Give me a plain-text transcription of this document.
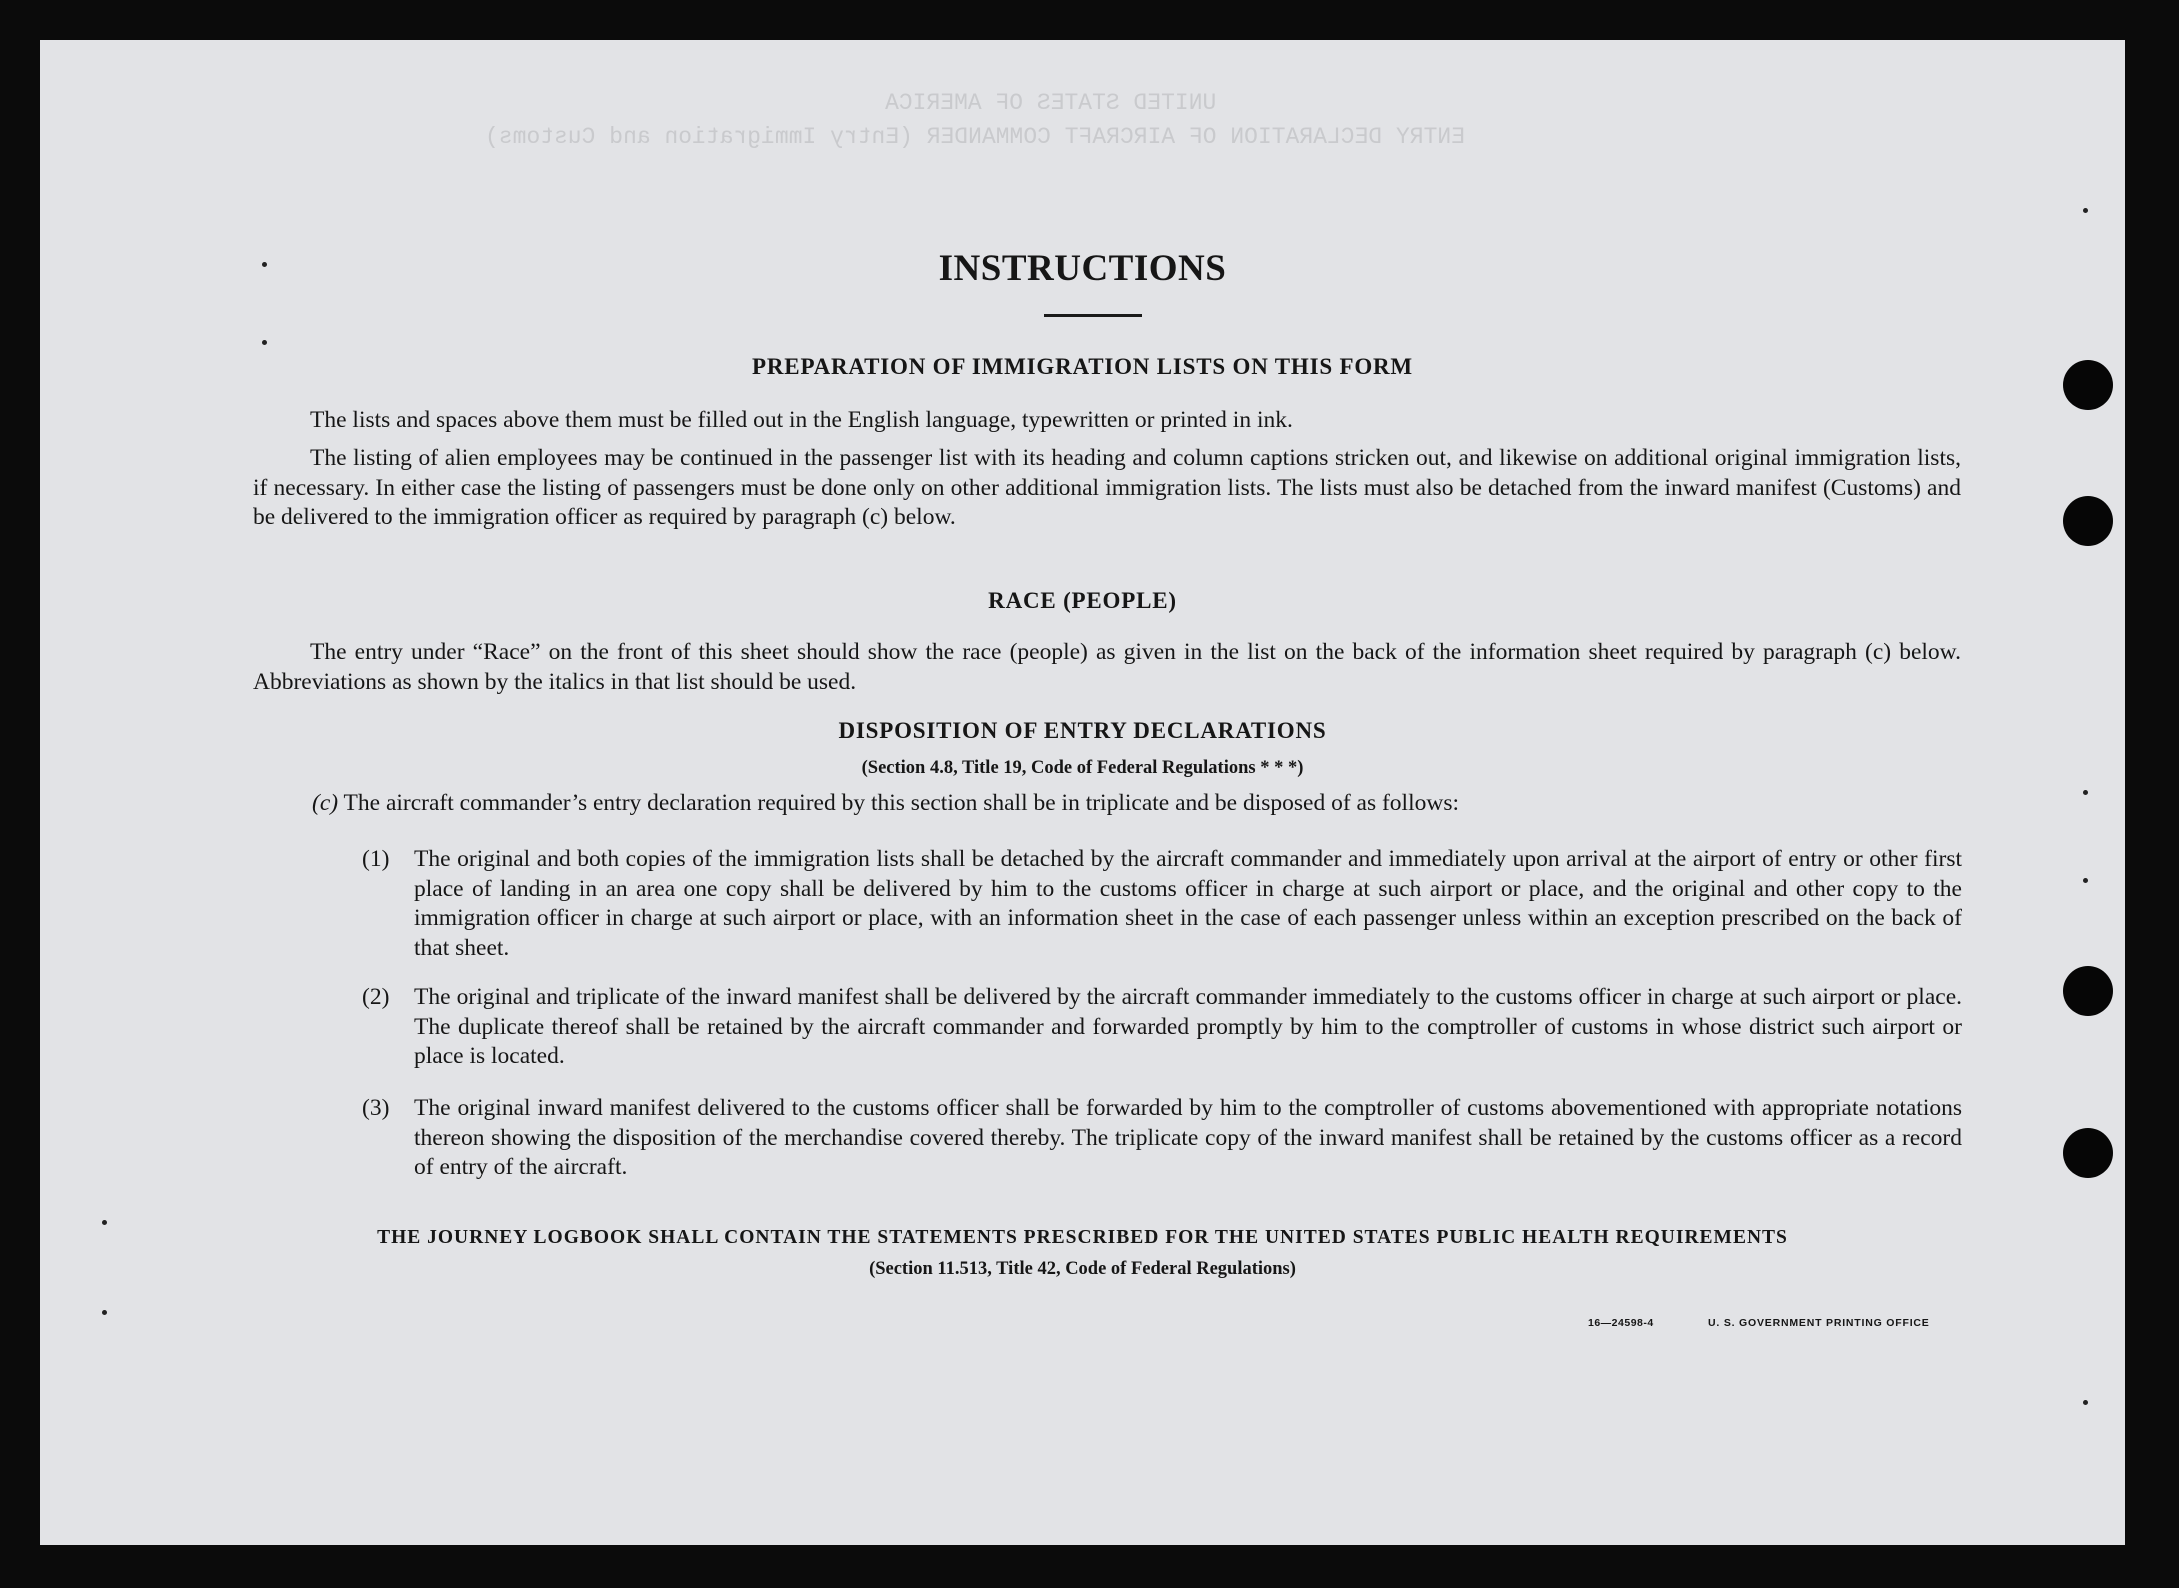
UNITED STATES OF AMERICA
ENTRY DECLARATION OF AIRCRAFT COMMANDER (Entry Immigration and Customs)
INSTRUCTIONS
PREPARATION OF IMMIGRATION LISTS ON THIS FORM
The lists and spaces above them must be filled out in the English language, typewritten or printed in ink.
The listing of alien employees may be continued in the passenger list with its heading and column captions stricken out, and likewise on additional original immigration lists, if necessary. In either case the listing of passengers must be done only on other additional immigration lists. The lists must also be detached from the inward manifest (Customs) and be delivered to the immigration officer as required by paragraph (c) below.
RACE (PEOPLE)
The entry under “Race” on the front of this sheet should show the race (people) as given in the list on the back of the information sheet required by paragraph (c) below. Abbreviations as shown by the italics in that list should be used.
DISPOSITION OF ENTRY DECLARATIONS
(Section 4.8, Title 19, Code of Federal Regulations * * *)
(c) The aircraft commander’s entry declaration required by this section shall be in triplicate and be disposed of as follows:
(1)	The original and both copies of the immigration lists shall be detached by the aircraft commander and immediately upon arrival at the airport of entry or other first place of landing in an area one copy shall be delivered by him to the customs officer in charge at such airport or place, and the original and other copy to the immigration officer in charge at such airport or place, with an information sheet in the case of each passenger unless within an exception prescribed on the back of that sheet.
(2)	The original and triplicate of the inward manifest shall be delivered by the aircraft commander immediately to the customs officer in charge at such airport or place. The duplicate thereof shall be retained by the aircraft commander and forwarded promptly by him to the comptroller of customs in whose district such airport or place is located.
(3)	The original inward manifest delivered to the customs officer shall be forwarded by him to the comptroller of customs abovementioned with appropriate notations thereon showing the disposition of the merchandise covered thereby. The triplicate copy of the inward manifest shall be retained by the customs officer as a record of entry of the aircraft.
THE JOURNEY LOGBOOK SHALL CONTAIN THE STATEMENTS PRESCRIBED FOR THE UNITED STATES PUBLIC HEALTH REQUIREMENTS
(Section 11.513, Title 42, Code of Federal Regulations)
16—24598-4	U. S. GOVERNMENT PRINTING OFFICE
